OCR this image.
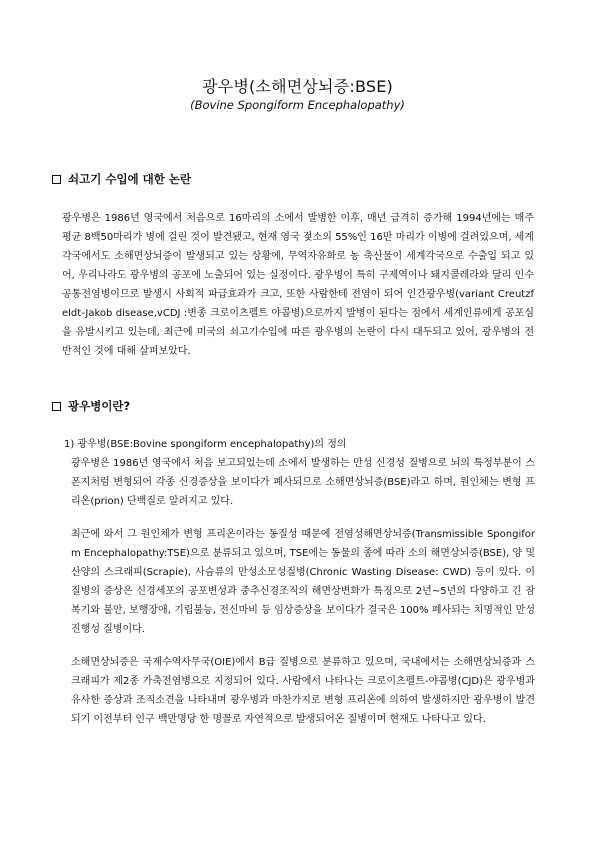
광우병(소해면상뇌증:BSE)
(Bovine Spongiform Encephalopathy)
쇠고기 수입에 대한 논란
광우병은 1986년 영국에서 처음으로 16마리의 소에서 발병한 이후, 매년 급격히 증가해 1994년에는 매주 평균 8백50마리가 병에 걸린 것이 발견됐고, 현재 영국 젖소의 55%인 16만 마리가 이병에 걸려있으며, 세계각국에서도 소해면상뇌증이 발생되고 있는 상황에, 무역자유화로 농 축산물이 세계각국으로 수출입 되고 있어, 우리나라도 광우병의 공포에 노출되어 있는 실정이다. 광우병이 특히 구제역이나 돼지콜레라와 달리 인수공통전염병이므로 발생시 사회적 파급효과가 크고, 또한 사람한테 전염이 되어 인간광우병(variant Creutzfeldt-Jakob disease,vCDJ :변종 크로이츠펠트 야콥병)으로까지 발병이 된다는 점에서 세계인류에게 공포심을 유발시키고 있는데, 최근에 미국의 쇠고기수입에 따른 광우병의 논란이 다시 대두되고 있어, 광우병의 전반적인 것에 대해 살펴보았다.
광우병이란?
1) 광우병(BSE:Bovine spongiform encephalopathy)의 정의
광우병은 1986년 영국에서 처음 보고되었는데 소에서 발생하는 만성 신경성 질병으로 뇌의 특정부분이 스폰지처럼 변형되어 각종 신경증상을 보이다가 폐사되므로 소해면상뇌증(BSE)라고 하며, 원인체는 변형 프리온(prion) 단백질로 알려지고 있다.
최근에 와서 그 원인체가 변형 프리온이라는 동질성 때문에 전염성해면상뇌증(Transmissible Spongiform Encephalopathy:TSE)으로 분류되고 있으며, TSE에는 동물의 종에 따라 소의 해면상뇌증(BSE), 양 및 산양의 스크래피(Scrapie), 사슴류의 만성소모성질병(Chronic Wasting Disease: CWD) 등이 있다. 이 질병의 증상은 신경세포의 공포변성과 중추신경조직의 해면상변화가 특징으로 2년~5년의 다양하고 긴 잠복기와 불안, 보행장애, 기립불능, 전신마비 등 임상증상을 보이다가 결국은 100% 폐사되는 치명적인 만성 진행성 질병이다.
소해면상뇌증은 국제수역사무국(OIE)에서 B급 질병으로 분류하고 있으며, 국내에서는 소해면상뇌증과 스크래피가 제2종 가축전염병으로 지정되어 있다. 사람에서 나타나는 크로이츠펠트-야콥병(CJD)은 광우병과 유사한 증상과 조직소견을 나타내며 광우병과 마찬가지로 변형 프리온에 의하여 발생하지만 광우병이 발견되기 이전부터 인구 백만명당 한 명꼴로 자연적으로 발생되어온 질병이며 현재도 나타나고 있다.
